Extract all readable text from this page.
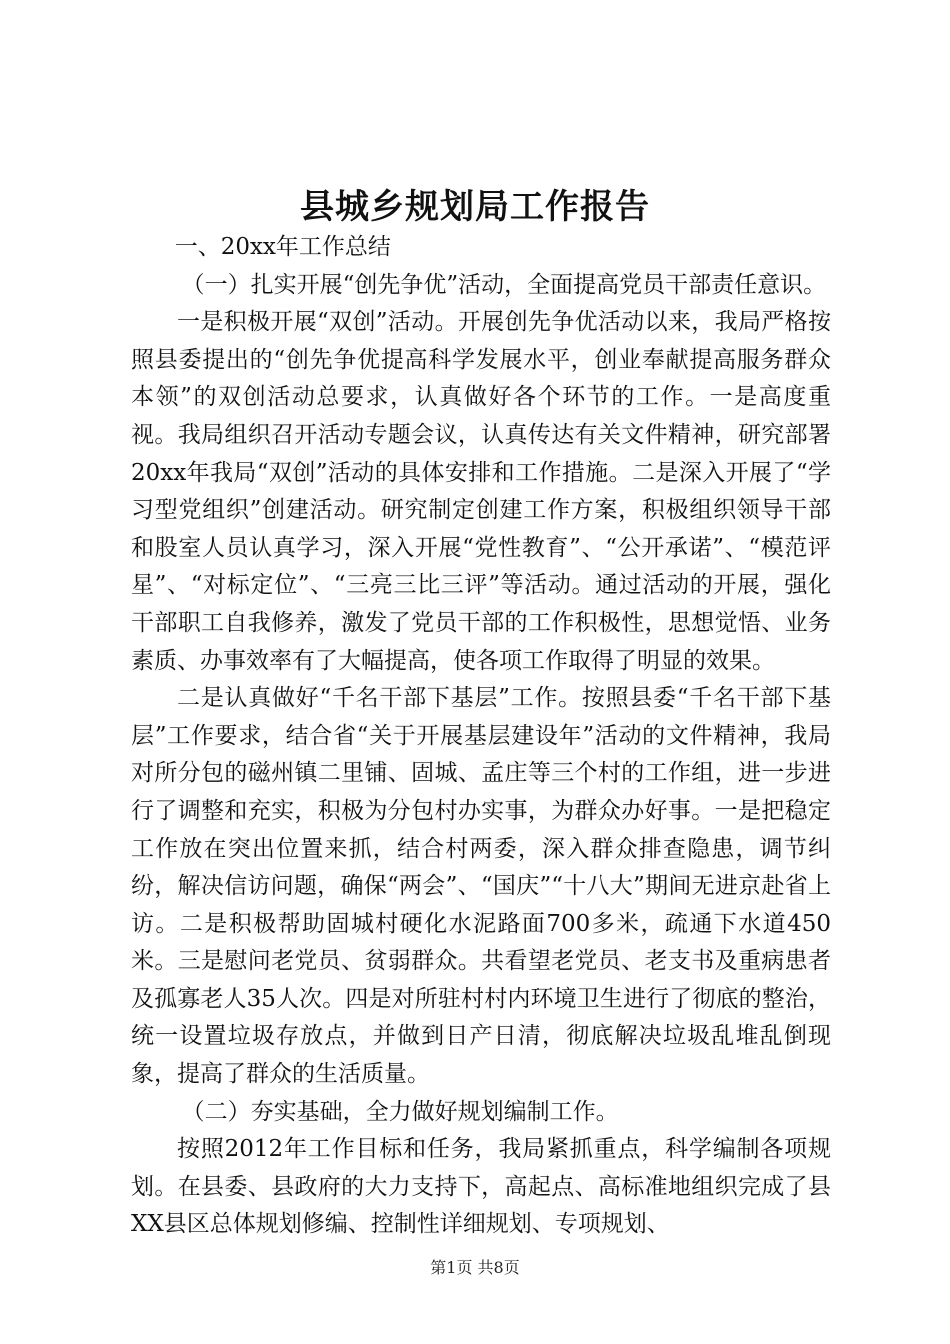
县城乡规划局工作报告

一、20xx年工作总结

（一）扎实开展“创先争优”活动，全面提高党员干部责任意识。

一是积极开展“双创”活动。开展创先争优活动以来，我局严格按照县委提出的“创先争优提高科学发展水平，创业奉献提高服务群众本领”的双创活动总要求，认真做好各个环节的工作。一是高度重视。我局组织召开活动专题会议，认真传达有关文件精神，研究部署20xx年我局“双创”活动的具体安排和工作措施。二是深入开展了“学习型党组织”创建活动。研究制定创建工作方案，积极组织领导干部和股室人员认真学习，深入开展“党性教育”、“公开承诺”、“模范评星”、“对标定位”、“三亮三比三评”等活动。通过活动的开展，强化干部职工自我修养，激发了党员干部的工作积极性，思想觉悟、业务素质、办事效率有了大幅提高，使各项工作取得了明显的效果。

二是认真做好“千名干部下基层”工作。按照县委“千名干部下基层”工作要求，结合省“关于开展基层建设年”活动的文件精神，我局对所分包的磁州镇二里铺、固城、孟庄等三个村的工作组，进一步进行了调整和充实，积极为分包村办实事，为群众办好事。一是把稳定工作放在突出位置来抓，结合村两委，深入群众排查隐患，调节纠纷，解决信访问题，确保“两会”、“国庆”“十八大”期间无进京赴省上访。二是积极帮助固城村硬化水泥路面700多米，疏通下水道450米。三是慰问老党员、贫弱群众。共看望老党员、老支书及重病患者及孤寡老人35人次。四是对所驻村村内环境卫生进行了彻底的整治，统一设置垃圾存放点，并做到日产日清，彻底解决垃圾乱堆乱倒现象，提高了群众的生活质量。

（二）夯实基础，全力做好规划编制工作。

按照2012年工作目标和任务，我局紧抓重点，科学编制各项规划。在县委、县政府的大力支持下，高起点、高标准地组织完成了县XX县区总体规划修编、控制性详细规划、专项规划、

第1页 共8页
